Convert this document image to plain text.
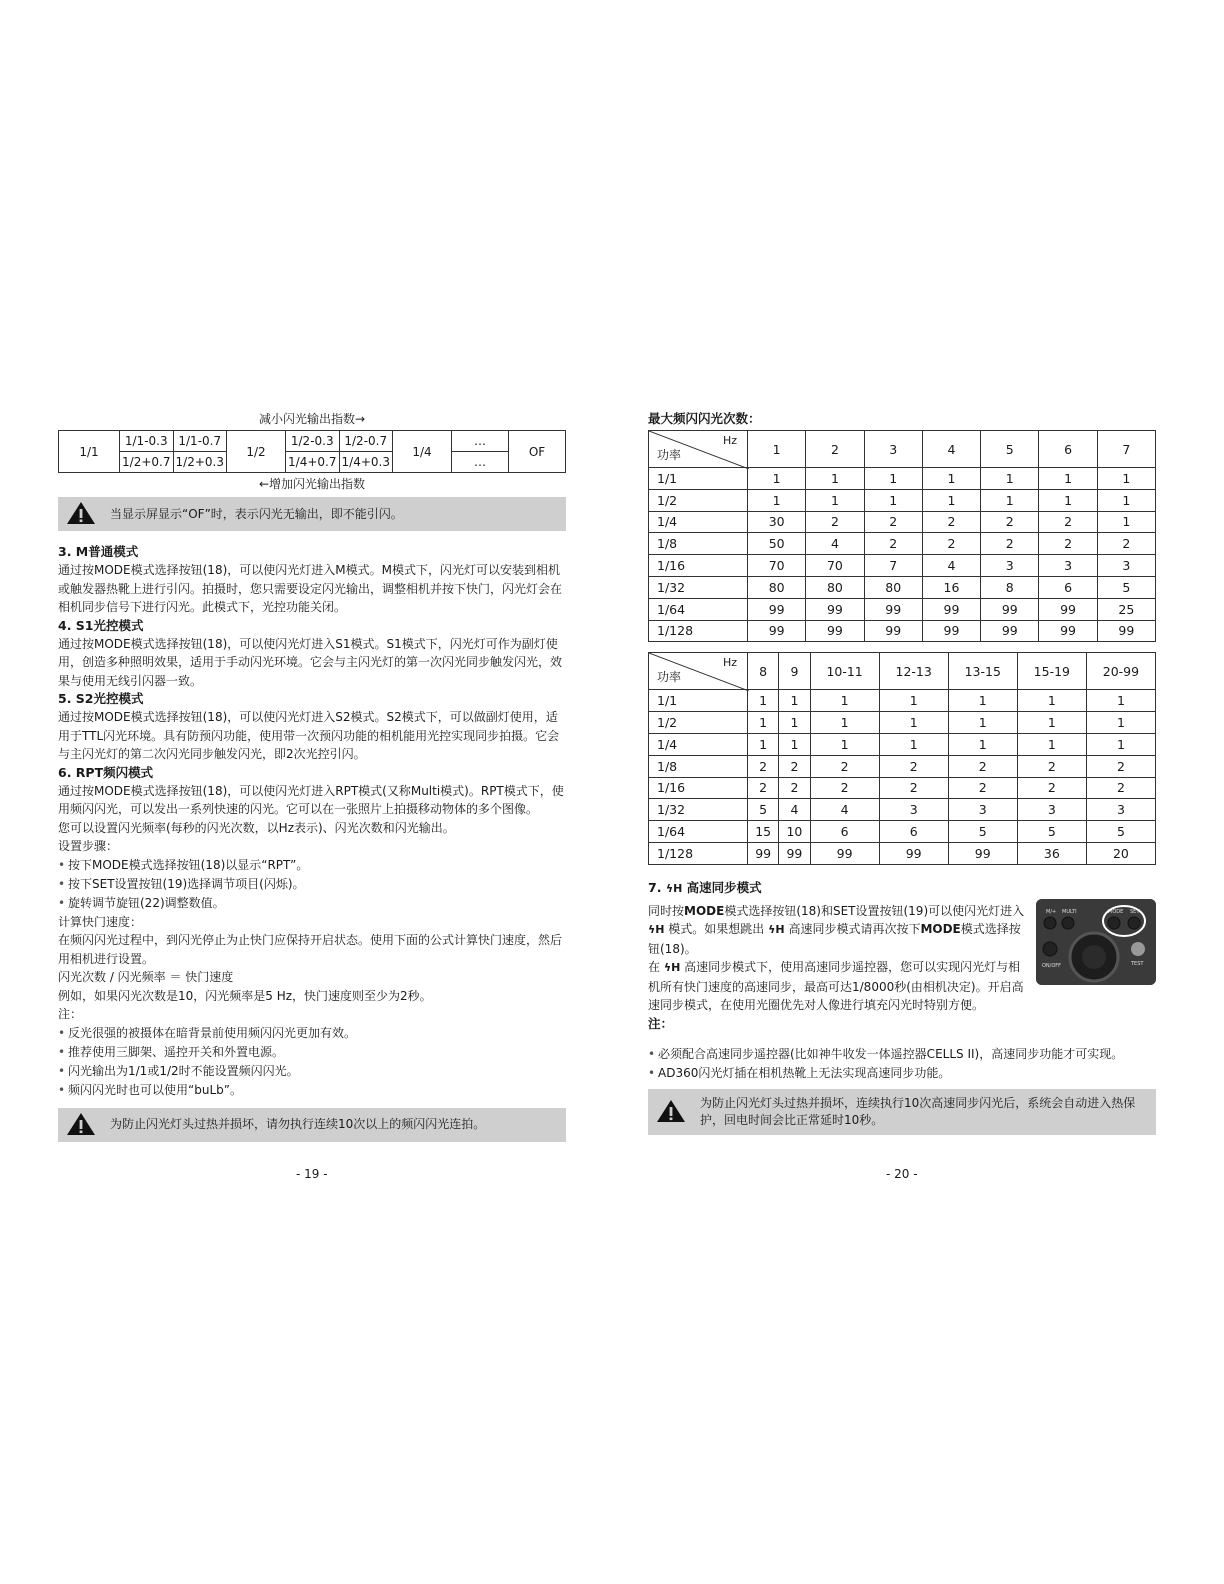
减小闪光输出指数→

1/1	1/1-0.3	1/1-0.7	1/2	1/2-0.3	1/2-0.7	1/4	…	OF
	1/2+0.7	1/2+0.3		1/4+0.7	1/4+0.3		…	

←增加闪光输出指数

当显示屏显示“OF”时，表示闪光无输出，即不能引闪。

3. M普通模式

通过按MODE模式选择按钮(18)，可以使闪光灯进入M模式。M模式下，闪光灯可以安装到相机或触发器热靴上进行引闪。拍摄时，您只需要设定闪光输出，调整相机并按下快门，闪光灯会在相机同步信号下进行闪光。此模式下，光控功能关闭。

4. S1光控模式

通过按MODE模式选择按钮(18)，可以使闪光灯进入S1模式。S1模式下，闪光灯可作为副灯使用，创造多种照明效果，适用于手动闪光环境。它会与主闪光灯的第一次闪光同步触发闪光，效果与使用无线引闪器一致。

5. S2光控模式

通过按MODE模式选择按钮(18)，可以使闪光灯进入S2模式。S2模式下，可以做副灯使用，适用于TTL闪光环境。具有防预闪功能，使用带一次预闪功能的相机能用光控实现同步拍摄。它会与主闪光灯的第二次闪光同步触发闪光，即2次光控引闪。

6. RPT频闪模式

通过按MODE模式选择按钮(18)，可以使闪光灯进入RPT模式(又称Multi模式)。RPT模式下，使用频闪闪光，可以发出一系列快速的闪光。它可以在一张照片上拍摄移动物体的多个图像。

您可以设置闪光频率(每秒的闪光次数，以Hz表示)、闪光次数和闪光输出。

设置步骤：

• 按下MODE模式选择按钮(18)以显示“RPT”。

• 按下SET设置按钮(19)选择调节项目(闪烁)。

• 旋转调节旋钮(22)调整数值。

计算快门速度：

在频闪闪光过程中，到闪光停止为止快门应保持开启状态。使用下面的公式计算快门速度，然后用相机进行设置。

闪光次数 / 闪光频率 ＝ 快门速度

例如，如果闪光次数是10，闪光频率是5 Hz，快门速度则至少为2秒。

注：

• 反光很强的被摄体在暗背景前使用频闪闪光更加有效。

• 推荐使用三脚架、遥控开关和外置电源。

• 闪光输出为1/1或1/2时不能设置频闪闪光。

• 频闪闪光时也可以使用“buLb”。

为防止闪光灯头过热并损坏，请勿执行连续10次以上的频闪闪光连拍。
- 19 -

最大频闪闪光次数：

Hz
功率	1	2	3	4	5	6	7
1/1	1	1	1	1	1	1	1
1/2	1	1	1	1	1	1	1
1/4	30	2	2	2	2	2	1
1/8	50	4	2	2	2	2	2
1/16	70	70	7	4	3	3	3
1/32	80	80	80	16	8	6	5
1/64	99	99	99	99	99	99	25
1/128	99	99	99	99	99	99	99
Hz
功率	8	9	10-11	12-13	13-15	15-19	20-99
1/1	1	1	1	1	1	1	1
1/2	1	1	1	1	1	1	1
1/4	1	1	1	1	1	1	1
1/8	2	2	2	2	2	2	2
1/16	2	2	2	2	2	2	2
1/32	5	4	4	3	3	3	3
1/64	15	10	6	6	5	5	5
1/128	99	99	99	99	99	36	20

7. ϟH 高速同步模式

同时按MODE模式选择按钮(18)和SET设置按钮(19)可以使闪光灯进入 ϟH 模式。如果想跳出 ϟH 高速同步模式请再次按下MODE模式选择按钮(18)。

在 ϟH 高速同步模式下，使用高速同步遥控器，您可以实现闪光灯与相机所有快门速度的高速同步，最高可达1/8000秒(由相机决定)。开启高速同步模式，在使用光圈优先对人像进行填充闪光时特别方便。

注：

M/+ MULTI	MODE SET
ON/OFF	TEST

• 必须配合高速同步遥控器(比如神牛收发一体遥控器CELLS II)，高速同步功能才可实现。

• AD360闪光灯插在相机热靴上无法实现高速同步功能。

为防止闪光灯头过热并损坏，连续执行10次高速同步闪光后，系统会自动进入热保护，回电时间会比正常延时10秒。
- 20 -
